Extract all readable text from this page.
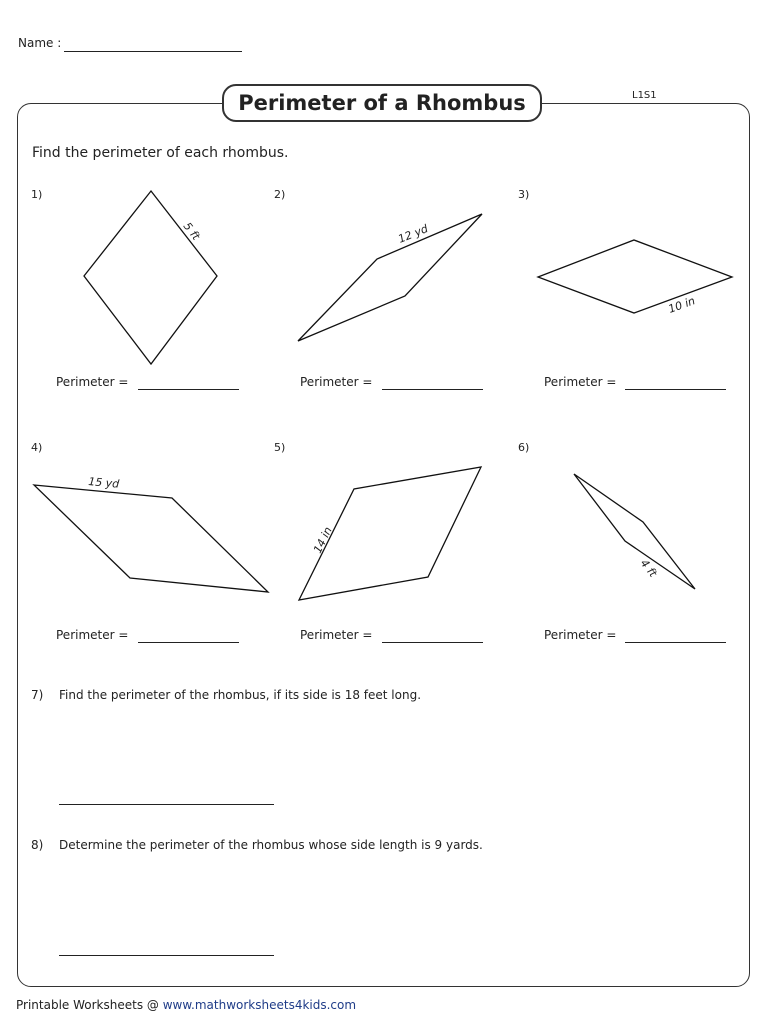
Name :
Perimeter of a Rhombus	L1S1
Find the perimeter of each rhombus.
1)	2)	3)
4)	5)	6)
5 ft	12 yd
10 in
15 yd
14 in
4 ft
Perimeter =	Perimeter =	Perimeter =
Perimeter =	Perimeter =	Perimeter =
7) Find the perimeter of the rhombus, if its side is 18 feet long.
8) Determine the perimeter of the rhombus whose side length is 9 yards.
Printable Worksheets @ www.mathworksheets4kids.com
